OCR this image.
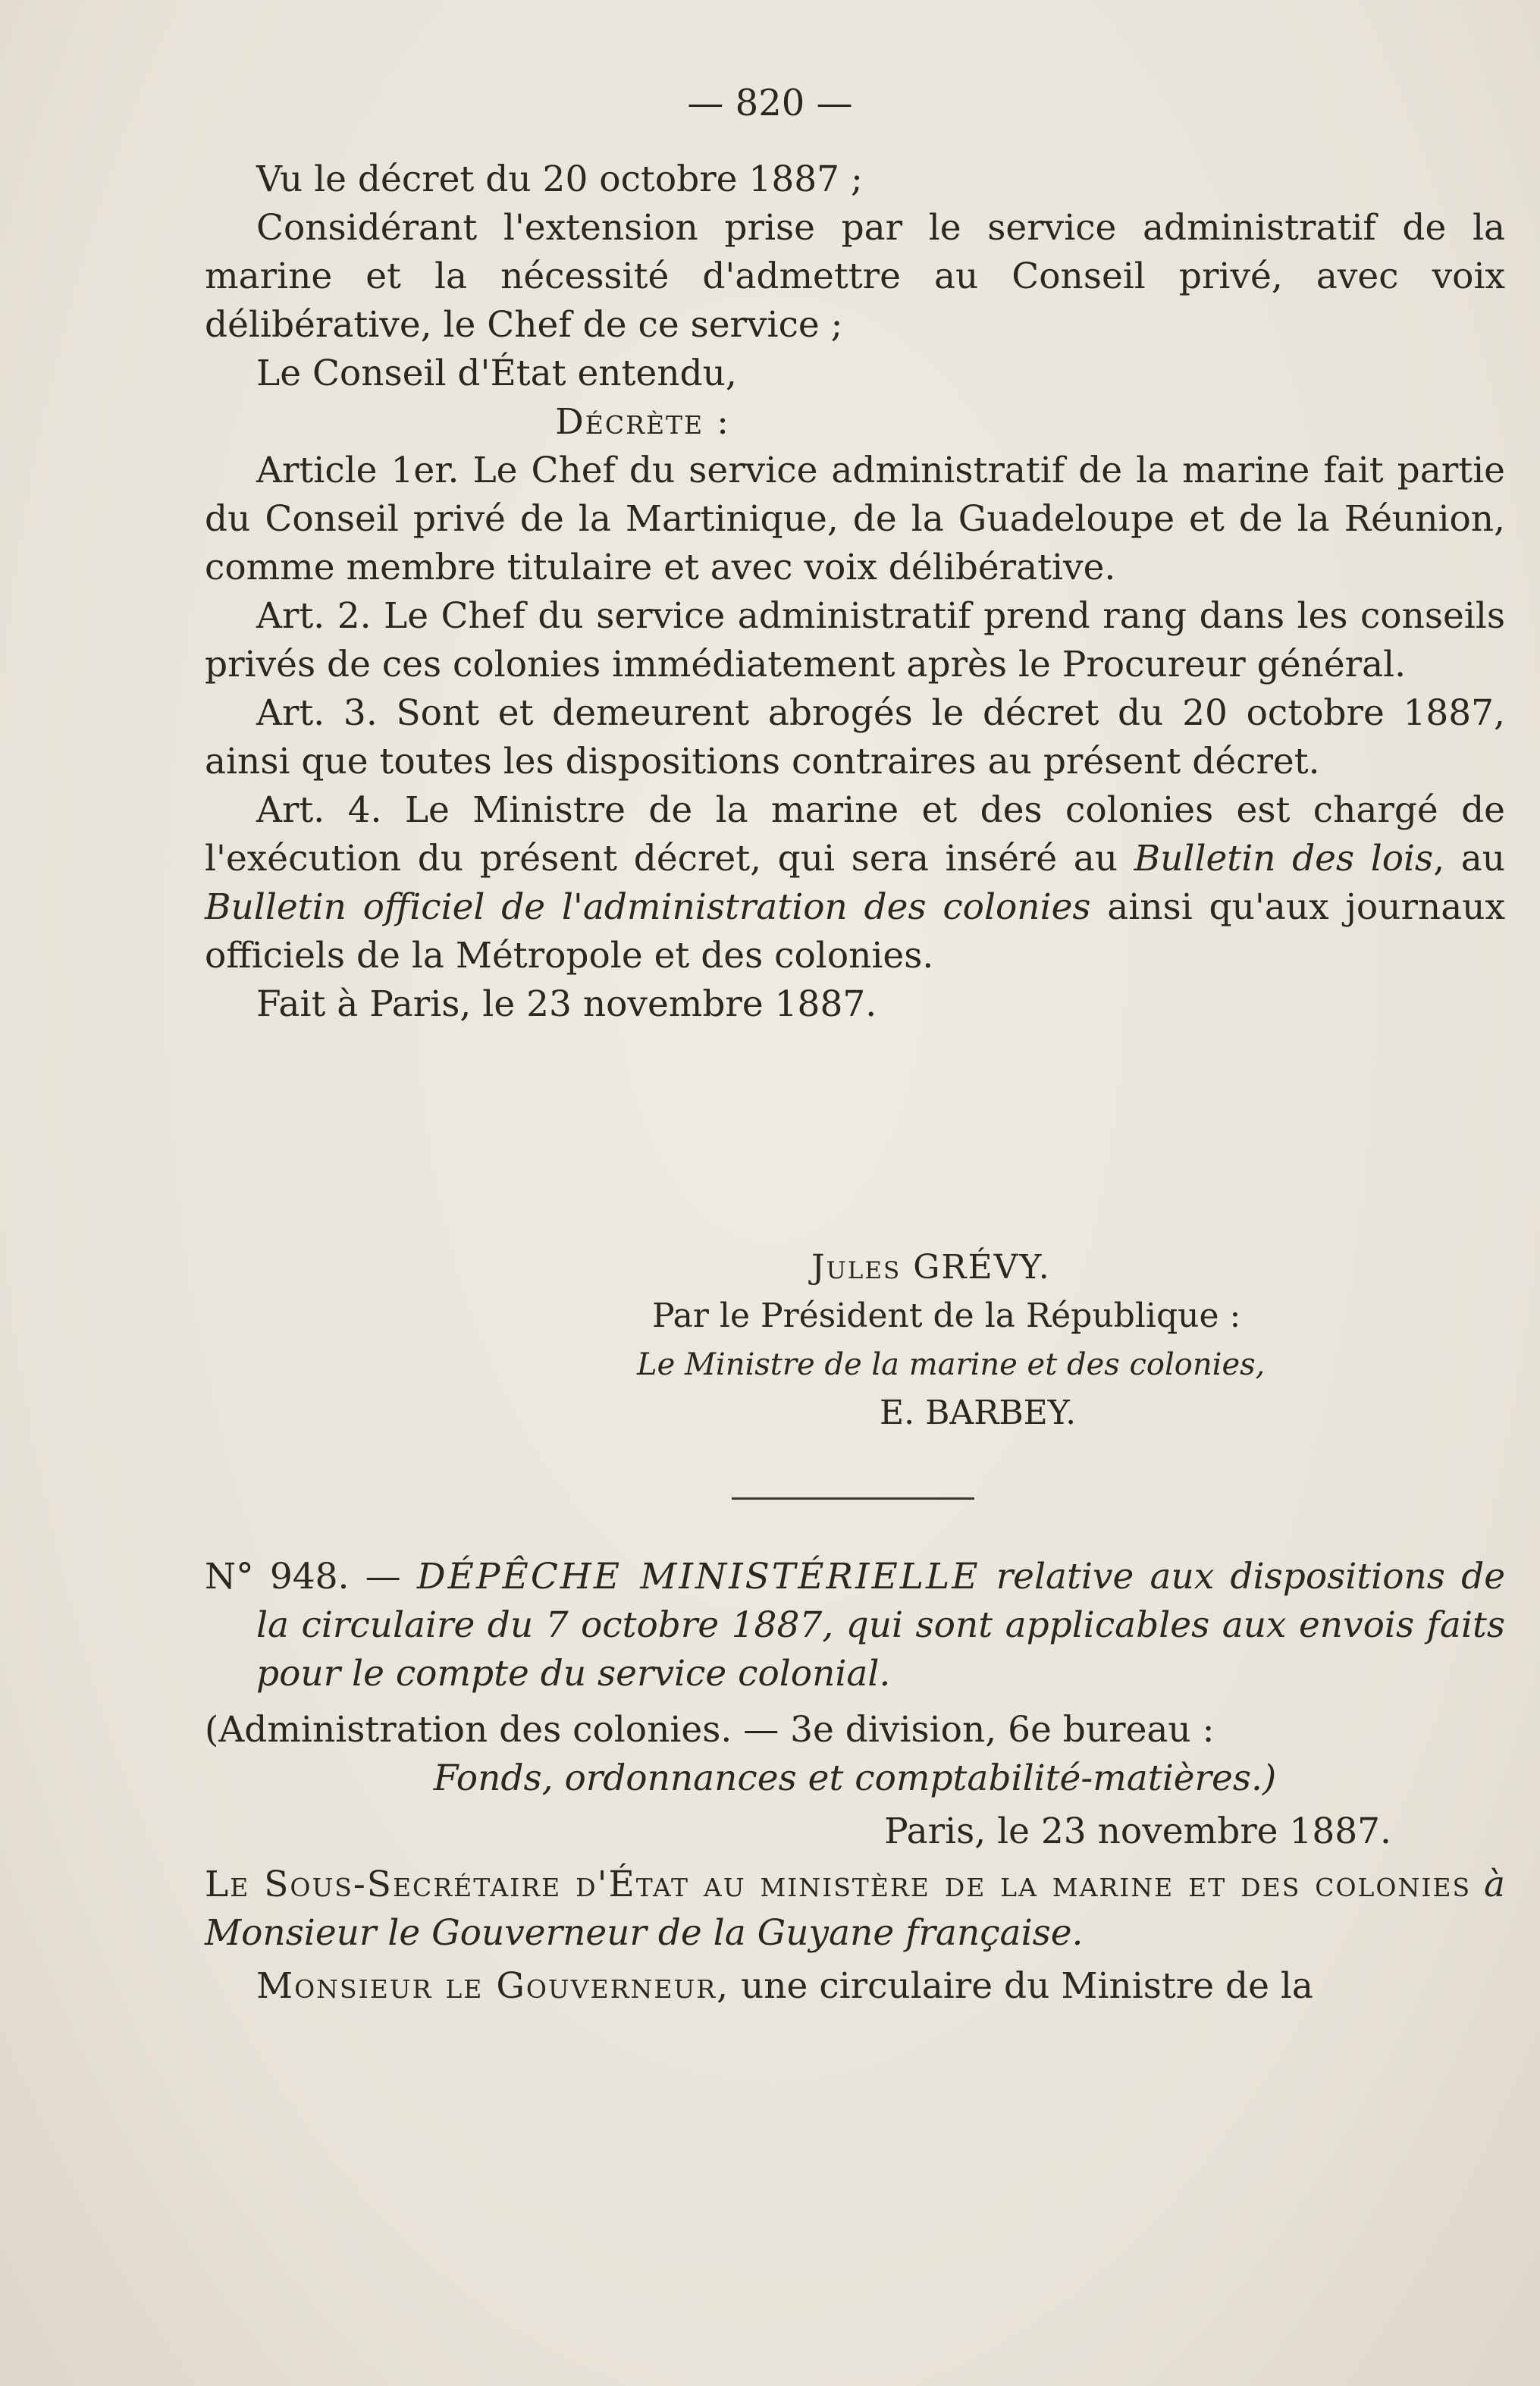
— 820 —

Vu le décret du 20 octobre 1887 ;

Considérant l'extension prise par le service administratif de la marine et la nécessité d'admettre au Conseil privé, avec voix délibérative, le Chef de ce service ;

Le Conseil d'État entendu,

Décrète :

Article 1er. Le Chef du service administratif de la marine fait partie du Conseil privé de la Martinique, de la Guadeloupe et de la Réunion, comme membre titulaire et avec voix délibérative.

Art. 2. Le Chef du service administratif prend rang dans les conseils privés de ces colonies immédiatement après le Procureur général.

Art. 3. Sont et demeurent abrogés le décret du 20 octobre 1887, ainsi que toutes les dispositions contraires au présent décret.

Art. 4. Le Ministre de la marine et des colonies est chargé de l'exécution du présent décret, qui sera inséré au Bulletin des lois, au Bulletin officiel de l'administration des colonies ainsi qu'aux journaux officiels de la Métropole et des colonies.

Fait à Paris, le 23 novembre 1887.

Jules GRÉVY.
Par le Président de la République :
Le Ministre de la marine et des colonies,
E. BARBEY.

N° 948. — DÉPÊCHE MINISTÉRIELLE relative aux dispositions de la circulaire du 7 octobre 1887, qui sont applicables aux envois faits pour le compte du service colonial.

(Administration des colonies. — 3e division, 6e bureau :

Fonds, ordonnances et comptabilité-matières.)

Paris, le 23 novembre 1887.

Le Sous-Secrétaire d'État au ministère de la marine et des colonies à Monsieur le Gouverneur de la Guyane française.

Monsieur le Gouverneur, une circulaire du Ministre de la
